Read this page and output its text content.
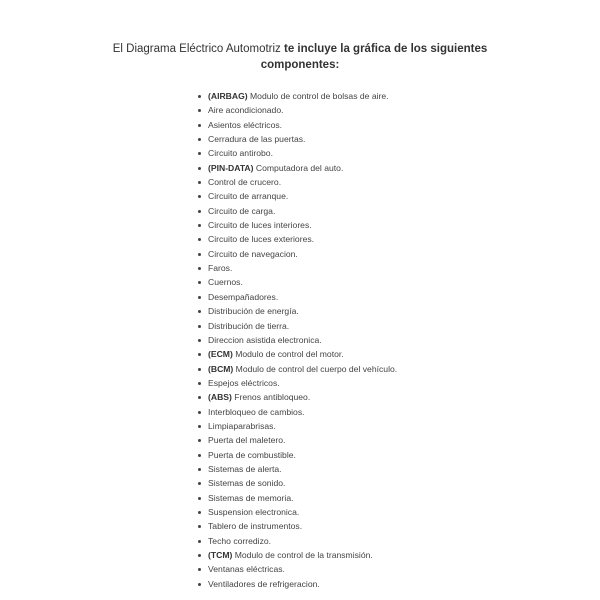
El Diagrama Eléctrico Automotriz te incluye la gráfica de los siguientes componentes:
(AIRBAG) Modulo de control de bolsas de aire.
Aire acondicionado.
Asientos eléctricos.
Cerradura de las puertas.
Circuito antirobo.
(PIN-DATA) Computadora del auto.
Control de crucero.
Circuito de arranque.
Circuito de carga.
Circuito de luces interiores.
Circuito de luces exteriores.
Circuito de navegacion.
Faros.
Cuernos.
Desempañadores.
Distribución de energía.
Distribución de tierra.
Direccion asistida electronica.
(ECM) Modulo de control del motor.
(BCM) Modulo de control del cuerpo del vehículo.
Espejos eléctricos.
(ABS) Frenos antibloqueo.
Interbloqueo de cambios.
Limpiaparabrisas.
Puerta del maletero.
Puerta de combustible.
Sistemas de alerta.
Sistemas de sonido.
Sistemas de memoria.
Suspension electronica.
Tablero de instrumentos.
Techo corredizo.
(TCM) Modulo de control de la transmisión.
Ventanas eléctricas.
Ventiladores de refrigeracion.
